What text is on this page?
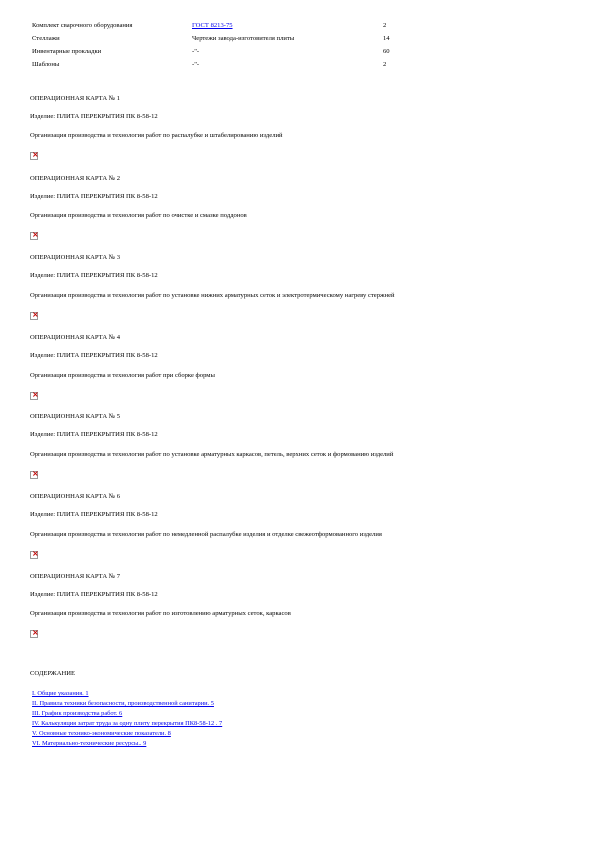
Комплект сварочного оборудования	ГОСТ 8213-75	2
Стеллажи	Чертежи завода-изготовителя плиты	14
Инвентарные прокладки	-"-	60
Шаблоны	-"-	2
ОПЕРАЦИОННАЯ КАРТА № 1
Изделие: ПЛИТА ПЕРЕКРЫТИЯ ПК 8-58-12
Организация производства и технология работ по распалубке и штабелированию изделий
×
ОПЕРАЦИОННАЯ КАРТА № 2
Изделие: ПЛИТА ПЕРЕКРЫТИЯ ПК 8-58-12
Организация производства и технология работ по очистке и смазке поддонов
×
ОПЕРАЦИОННАЯ КАРТА № 3
Изделие: ПЛИТА ПЕРЕКРЫТИЯ ПК 8-58-12
Организация производства и технология работ по установке нижних арматурных сеток и электротермическому нагреву стержней
×
ОПЕРАЦИОННАЯ КАРТА № 4
Изделие: ПЛИТА ПЕРЕКРЫТИЯ ПК 8-58-12
Организация производства и технология работ при сборке формы
×
ОПЕРАЦИОННАЯ КАРТА № 5
Изделие: ПЛИТА ПЕРЕКРЫТИЯ ПК 8-58-12
Организация производства и технология работ по установке арматурных каркасов, петель, верхних сеток и формованию изделий
×
ОПЕРАЦИОННАЯ КАРТА № 6
Изделие: ПЛИТА ПЕРЕКРЫТИЯ ПК 8-58-12
Организация производства и технология работ по немедленной распалубке изделия и отделке свежеотформованного изделия
×
ОПЕРАЦИОННАЯ КАРТА № 7
Изделие: ПЛИТА ПЕРЕКРЫТИЯ ПК 8-58-12
Организация производства и технология работ по изготовлению арматурных сеток, каркасов
×
СОДЕРЖАНИЕ
I. Общие указания. 1
II. Правила техники безопасности, производственной санитарии. 5
III. График производства работ. 6
IV. Калькуляция затрат труда за одну плиту перекрытия ПК8-58-12 . 7
V. Основные технико-экономические показатели. 8
VI. Материально-технические ресурсы.. 9
